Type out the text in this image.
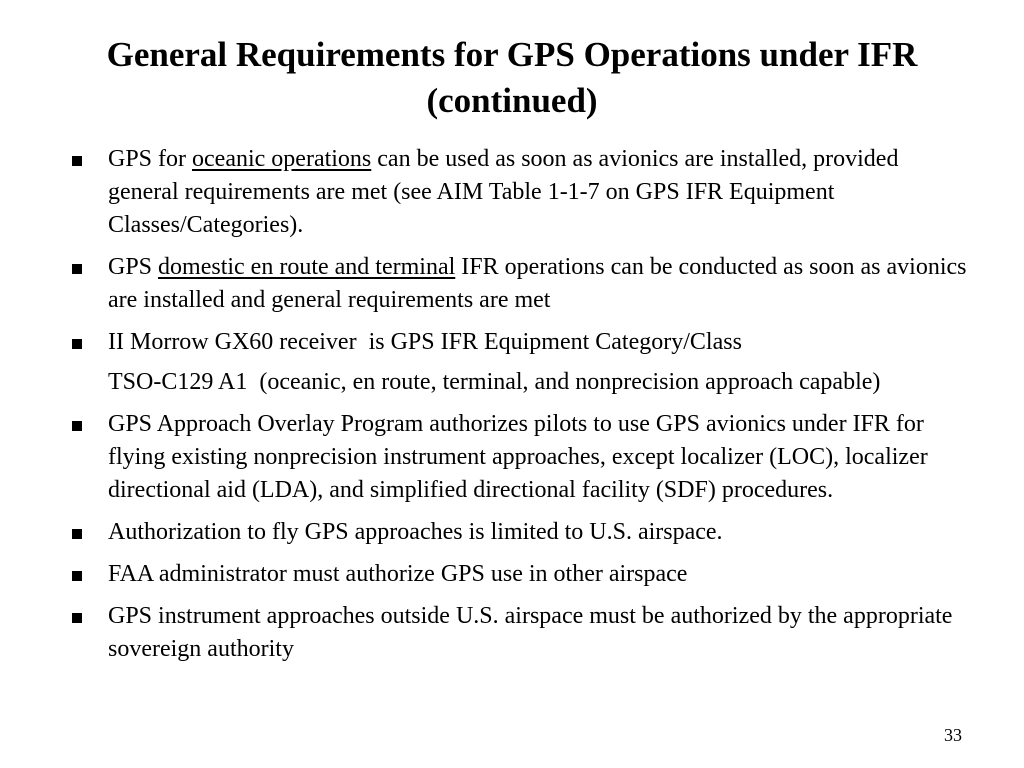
General Requirements for GPS Operations under IFR
(continued)
GPS for oceanic operations can be used as soon as avionics are installed, provided general requirements are met (see AIM Table 1-1-7 on GPS IFR Equipment Classes/Categories).
GPS domestic en route and terminal IFR operations can be conducted as soon as avionics are installed and general requirements are met
II Morrow GX60 receiver  is GPS IFR Equipment Category/Class
TSO-C129 A1  (oceanic, en route, terminal, and nonprecision approach capable)
GPS Approach Overlay Program authorizes pilots to use GPS avionics under IFR for flying existing nonprecision instrument approaches, except localizer (LOC), localizer directional aid (LDA), and simplified directional facility (SDF) procedures.
Authorization to fly GPS approaches is limited to U.S. airspace.
FAA administrator must authorize GPS use in other airspace
GPS instrument approaches outside U.S. airspace must be authorized by the appropriate sovereign authority
33
